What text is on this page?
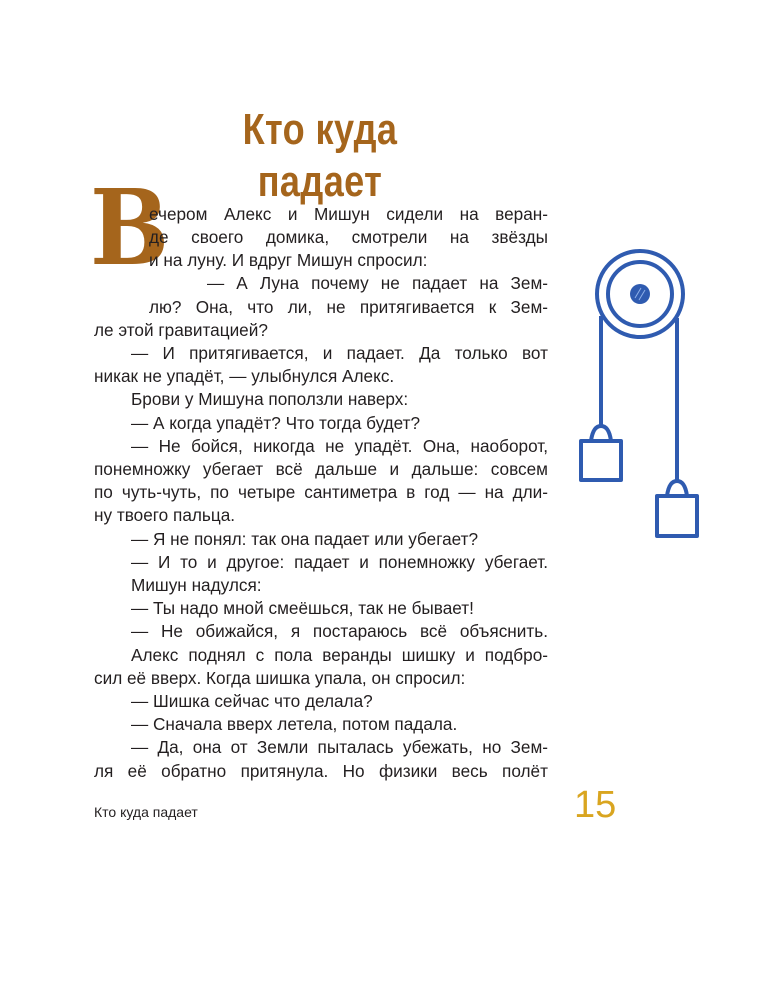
Кто куда падает
В
ечером Алекс и Мишун сидели на веран-
де своего домика, смотрели на звёзды
и на луну. И вдруг Мишун спросил:
— А Луна почему не падает на Зем-
лю? Она, что ли, не притягивается к Зем-
ле этой гравитацией?
— И притягивается, и падает. Да только вот
никак не упадёт, — улыбнулся Алекс.
Брови у Мишуна поползли наверх:
— А когда упадёт? Что тогда будет?
— Не бойся, никогда не упадёт. Она, наоборот,
понемножку убегает всё дальше и дальше: совсем
по чуть-чуть, по четыре сантиметра в год — на дли-
ну твоего пальца.
— Я не понял: так она падает или убегает?
— И то и другое: падает и понемножку убегает.
Мишун надулся:
— Ты надо мной смеёшься, так не бывает!
— Не обижайся, я постараюсь всё объяснить.
Алекс поднял с пола веранды шишку и подбро-
сил её вверх. Когда шишка упала, он спросил:
— Шишка сейчас что делала?
— Сначала вверх летела, потом падала.
— Да, она от Земли пыталась убежать, но Зем-
ля её обратно притянула. Но физики весь полёт
Кто куда падает	15
